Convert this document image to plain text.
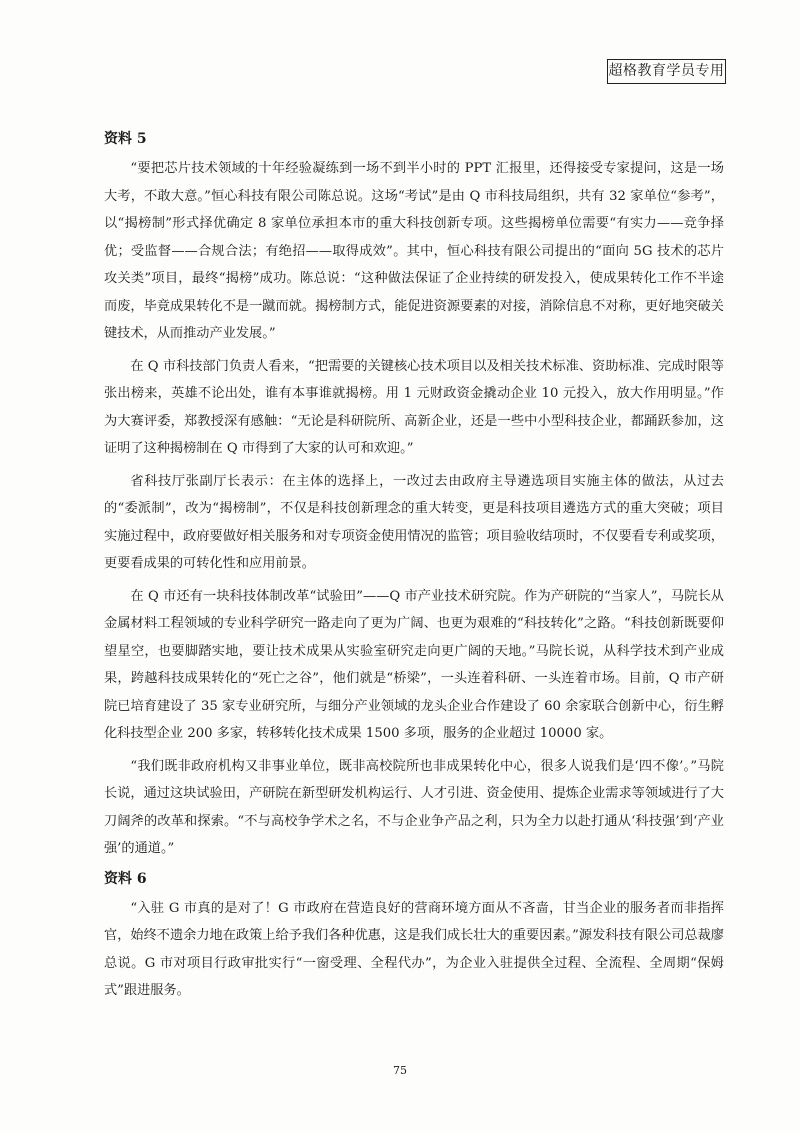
超格教育学员专用
资料 5

“要把芯片技术领域的十年经验凝练到一场不到半小时的 PPT 汇报里，还得接受专家提问，这是一场大考，不敢大意。”恒心科技有限公司陈总说。这场“考试”是由 Q 市科技局组织，共有 32 家单位“参考”，以“揭榜制”形式择优确定 8 家单位承担本市的重大科技创新专项。这些揭榜单位需要“有实力——竞争择优；受监督——合规合法；有绝招——取得成效”。其中，恒心科技有限公司提出的“面向 5G 技术的芯片攻关类”项目，最终“揭榜”成功。陈总说：“这种做法保证了企业持续的研发投入，使成果转化工作不半途而废，毕竟成果转化不是一蹴而就。揭榜制方式，能促进资源要素的对接，消除信息不对称，更好地突破关键技术，从而推动产业发展。”

在 Q 市科技部门负责人看来，“把需要的关键核心技术项目以及相关技术标准、资助标准、完成时限等张出榜来，英雄不论出处，谁有本事谁就揭榜。用 1 元财政资金撬动企业 10 元投入，放大作用明显。”作为大赛评委，郑教授深有感触：“无论是科研院所、高新企业，还是一些中小型科技企业，都踊跃参加，这证明了这种揭榜制在 Q 市得到了大家的认可和欢迎。”

省科技厅张副厅长表示：在主体的选择上，一改过去由政府主导遴选项目实施主体的做法，从过去的“委派制”，改为“揭榜制”，不仅是科技创新理念的重大转变，更是科技项目遴选方式的重大突破；项目实施过程中，政府要做好相关服务和对专项资金使用情况的监管；项目验收结项时，不仅要看专利或奖项，更要看成果的可转化性和应用前景。

在 Q 市还有一块科技体制改革“试验田”——Q 市产业技术研究院。作为产研院的“当家人”，马院长从金属材料工程领域的专业科学研究一路走向了更为广阔、也更为艰难的“科技转化”之路。“科技创新既要仰望星空，也要脚踏实地，要让技术成果从实验室研究走向更广阔的天地。”马院长说，从科学技术到产业成果，跨越科技成果转化的“死亡之谷”，他们就是“桥梁”，一头连着科研、一头连着市场。目前，Q 市产研院已培育建设了 35 家专业研究所，与细分产业领域的龙头企业合作建设了 60 余家联合创新中心，衍生孵化科技型企业 200 多家，转移转化技术成果 1500 多项，服务的企业超过 10000 家。

“我们既非政府机构又非事业单位，既非高校院所也非成果转化中心，很多人说我们是‘四不像’。”马院长说，通过这块试验田，产研院在新型研发机构运行、人才引进、资金使用、提炼企业需求等领域进行了大刀阔斧的改革和探索。“不与高校争学术之名，不与企业争产品之利，只为全力以赴打通从‘科技强’到‘产业强’的通道。”

资料 6

“入驻 G 市真的是对了！G 市政府在营造良好的营商环境方面从不吝啬，甘当企业的服务者而非指挥官，始终不遗余力地在政策上给予我们各种优惠，这是我们成长壮大的重要因素。”源发科技有限公司总裁廖总说。G 市对项目行政审批实行“一窗受理、全程代办”，为企业入驻提供全过程、全流程、全周期“保姆式”跟进服务。

75
